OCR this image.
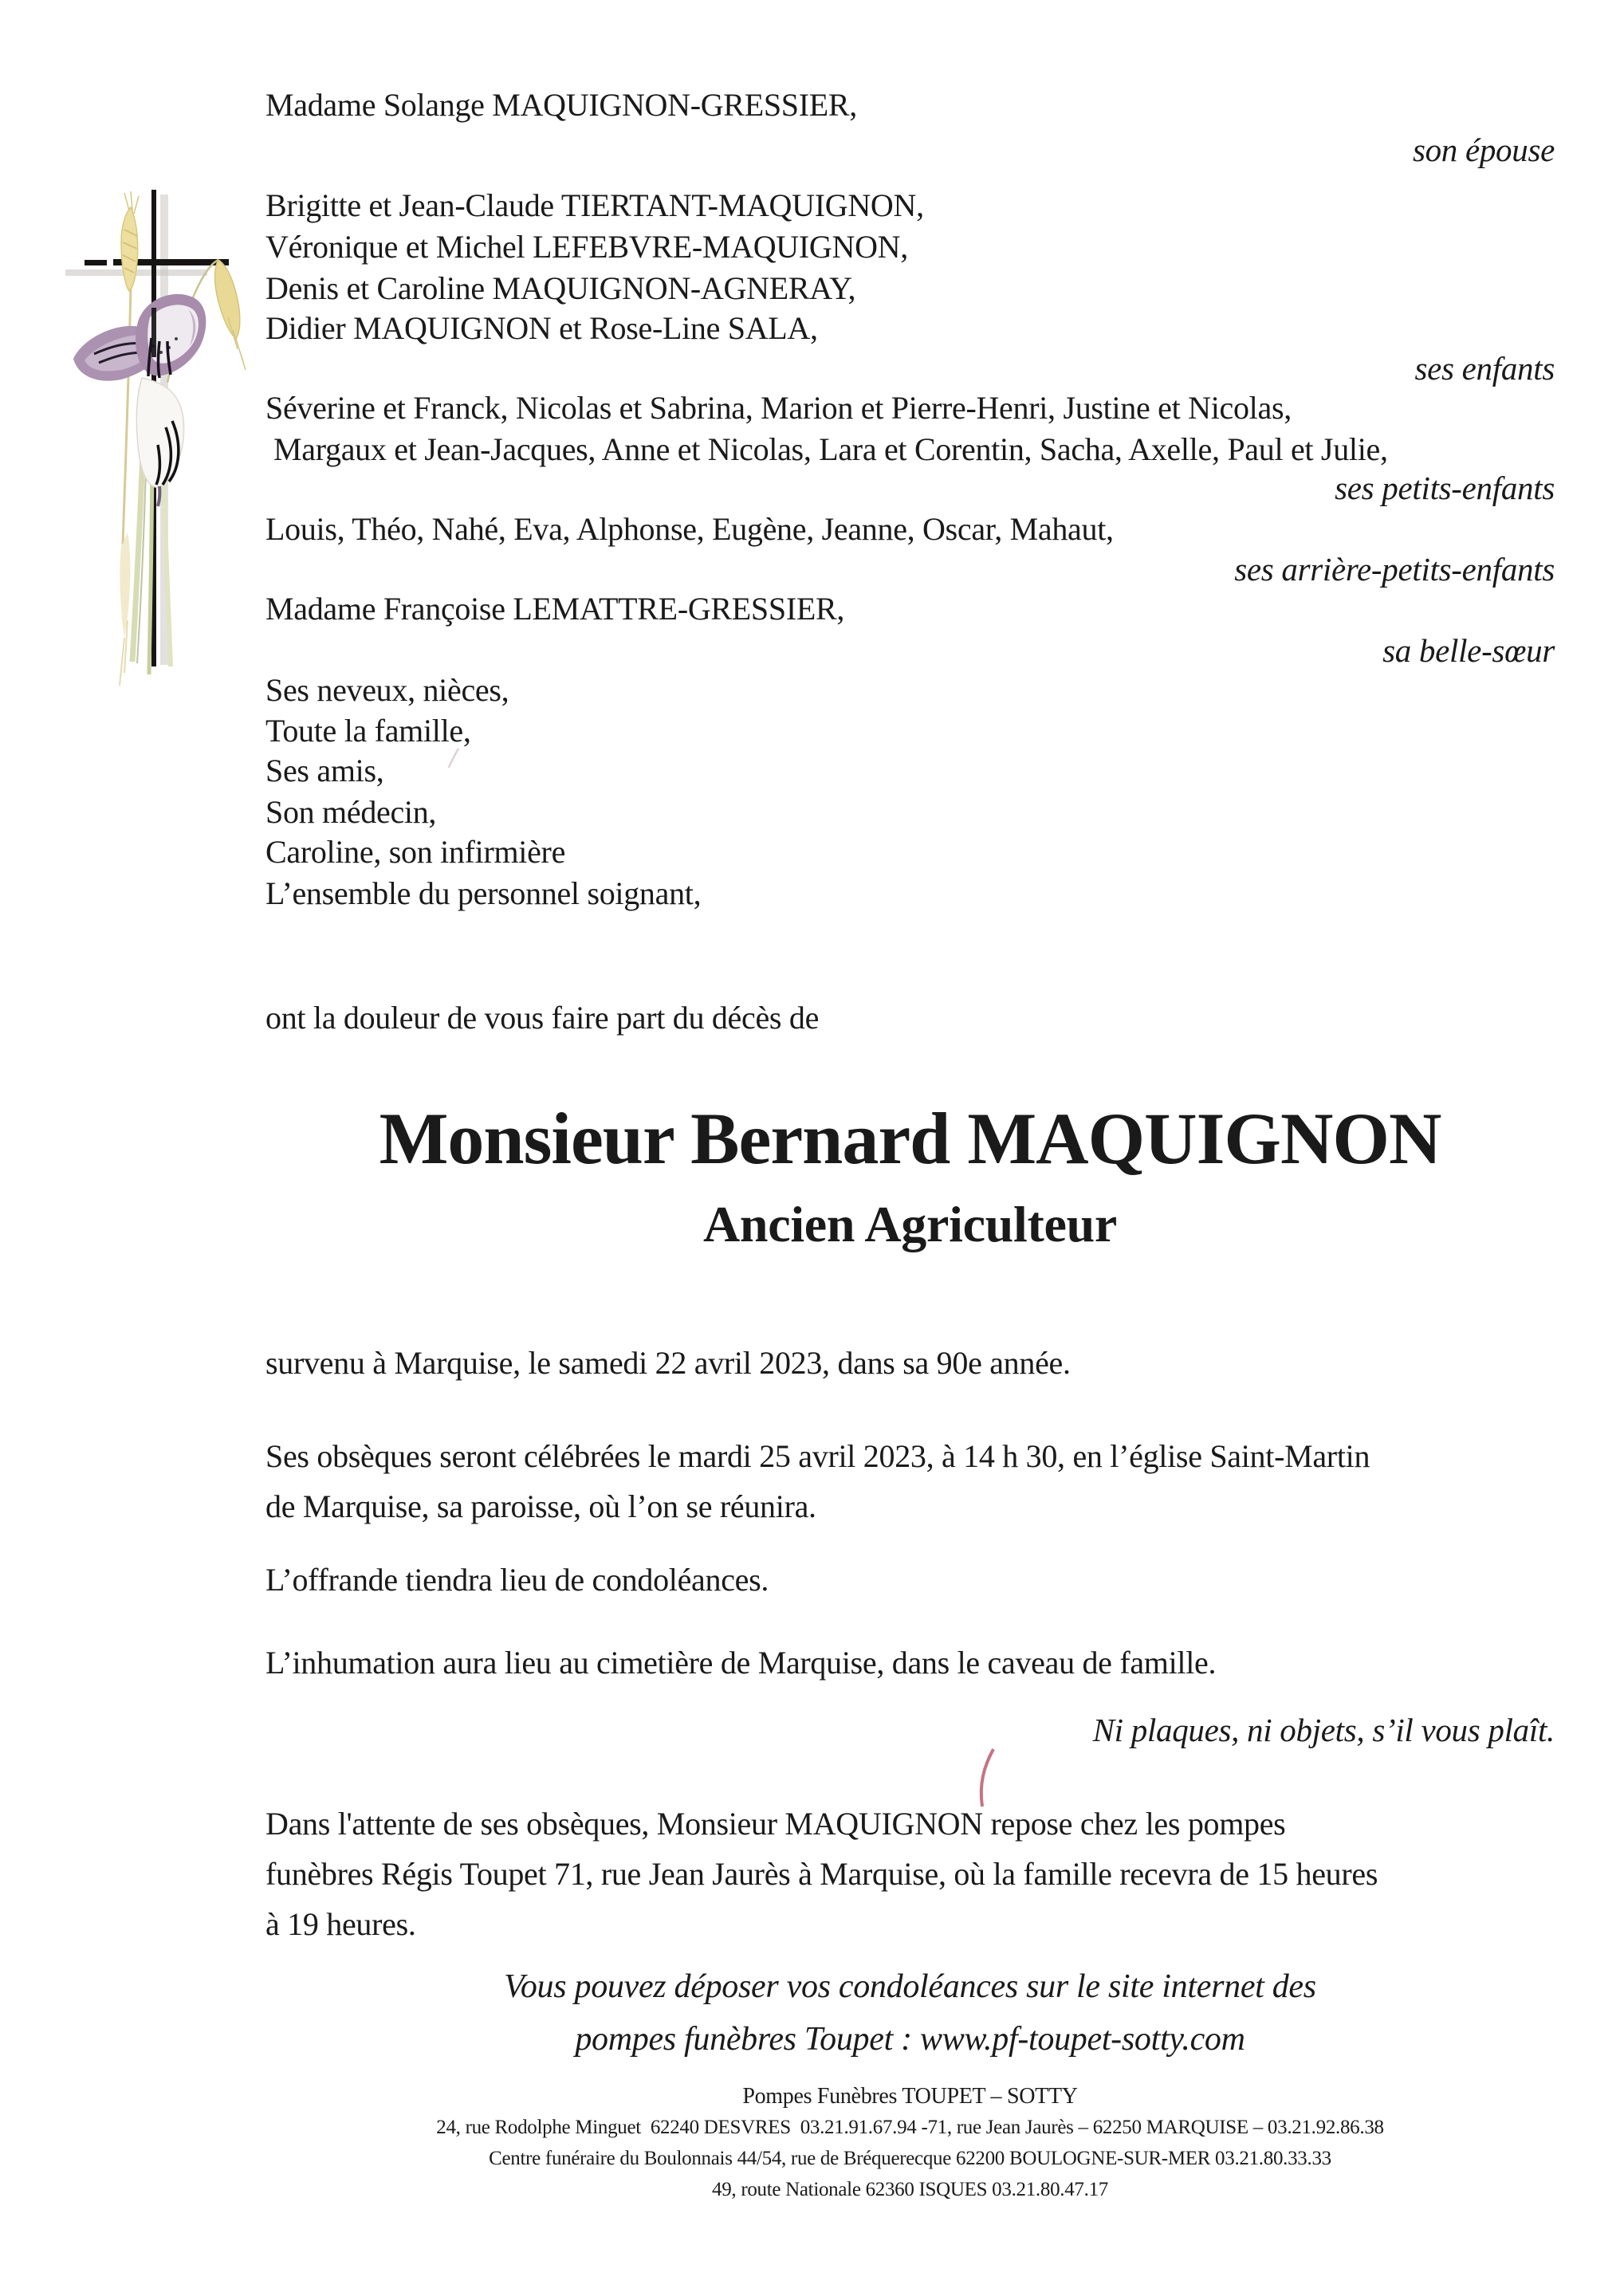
Madame Solange MAQUIGNON-GRESSIER,
son épouse
Brigitte et Jean-Claude TIERTANT-MAQUIGNON,
Véronique et Michel LEFEBVRE-MAQUIGNON,
Denis et Caroline MAQUIGNON-AGNERAY,
Didier MAQUIGNON et Rose-Line SALA,
ses enfants
Séverine et Franck, Nicolas et Sabrina, Marion et Pierre-Henri, Justine et Nicolas,
Margaux et Jean-Jacques, Anne et Nicolas, Lara et Corentin, Sacha, Axelle, Paul et Julie,
ses petits-enfants
Louis, Théo, Nahé, Eva, Alphonse, Eugène, Jeanne, Oscar, Mahaut,
ses arrière-petits-enfants
Madame Françoise LEMATTRE-GRESSIER,
sa belle-sœur
Ses neveux, nièces,
Toute la famille,
Ses amis,
Son médecin,
Caroline, son infirmière
L’ensemble du personnel soignant,
ont la douleur de vous faire part du décès de
Monsieur Bernard MAQUIGNON
Ancien Agriculteur
survenu à Marquise, le samedi 22 avril 2023, dans sa 90e année.
Ses obsèques seront célébrées le mardi 25 avril 2023, à 14 h 30, en l’église Saint-Martin
de Marquise, sa paroisse, où l’on se réunira.
L’offrande tiendra lieu de condoléances.
L’inhumation aura lieu au cimetière de Marquise, dans le caveau de famille.
Ni plaques, ni objets, s’il vous plaît.
Dans l'attente de ses obsèques, Monsieur MAQUIGNON repose chez les pompes
funèbres Régis Toupet 71, rue Jean Jaurès à Marquise, où la famille recevra de 15 heures
à 19 heures.
Vous pouvez déposer vos condoléances sur le site internet des
pompes funèbres Toupet : www.pf-toupet-sotty.com
Pompes Funèbres TOUPET – SOTTY
24, rue Rodolphe Minguet  62240 DESVRES  03.21.91.67.94 -71, rue Jean Jaurès – 62250 MARQUISE – 03.21.92.86.38
Centre funéraire du Boulonnais 44/54, rue de Bréquerecque 62200 BOULOGNE-SUR-MER 03.21.80.33.33
49, route Nationale 62360 ISQUES 03.21.80.47.17
